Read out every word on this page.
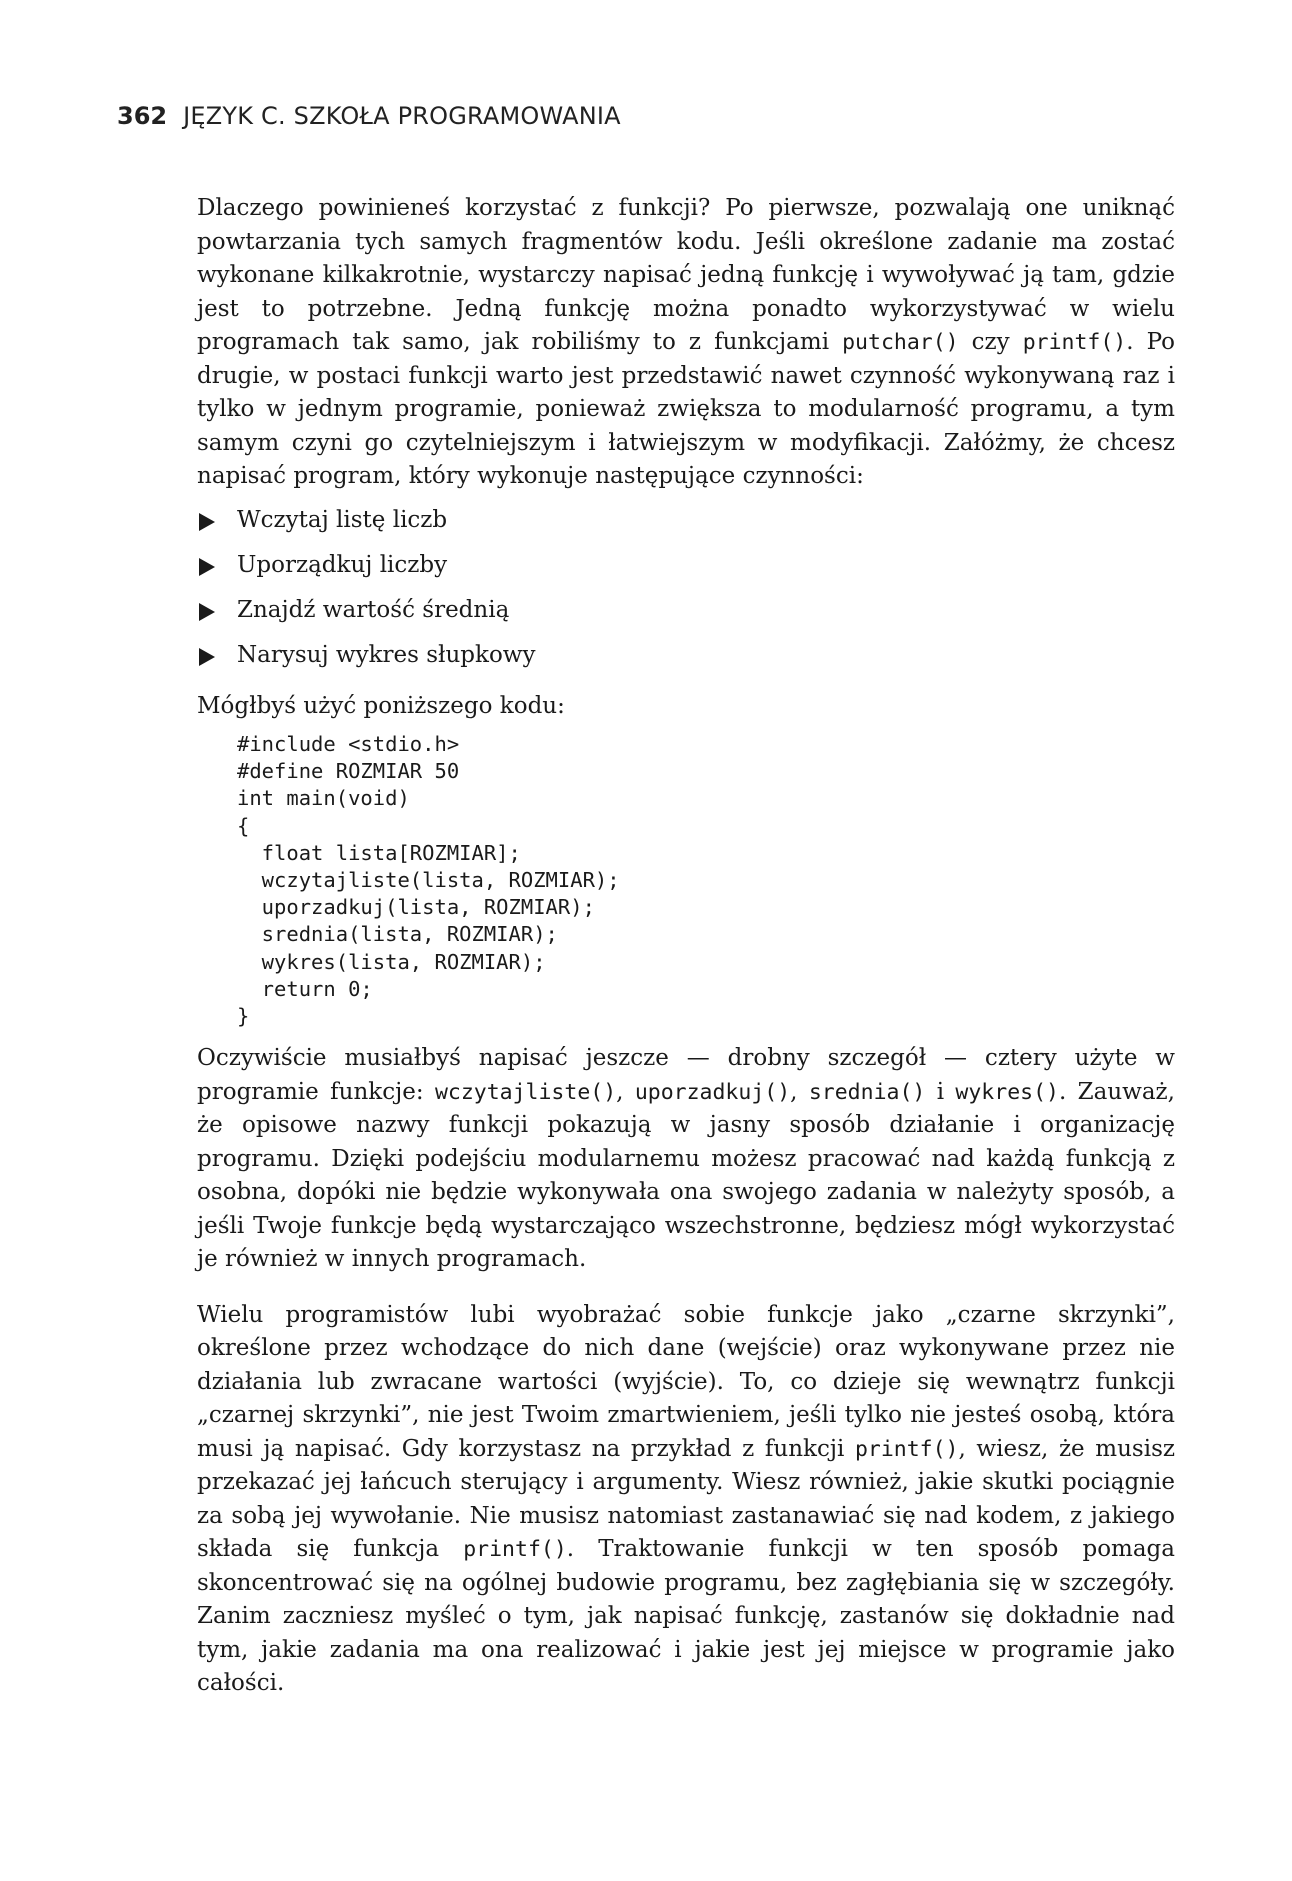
362 JĘZYK C. SZKOŁA PROGRAMOWANIA

Dlaczego powinieneś korzystać z funkcji? Po pierwsze, pozwalają one uniknąć powtarzania tych samych fragmentów kodu. Jeśli określone zadanie ma zostać wykonane kilkakrotnie, wystarczy napisać jedną funkcję i wywoływać ją tam, gdzie jest to potrzebne. Jedną funkcję można ponadto wykorzystywać w wielu programach tak samo, jak robiliśmy to z funkcjami putchar() czy printf(). Po drugie, w postaci funkcji warto jest przedstawić nawet czynność wykonywaną raz i tylko w jednym programie, ponieważ zwiększa to modularność programu, a tym samym czyni go czytelniejszym i łatwiejszym w modyfikacji. Załóżmy, że chcesz napisać program, który wykonuje następujące czynności:

Wczytaj listę liczb
Uporządkuj liczby
Znajdź wartość średnią
Narysuj wykres słupkowy

Mógłbyś użyć poniższego kodu:

#include <stdio.h>
#define ROZMIAR 50
int main(void)
{
float lista[ROZMIAR];
wczytajliste(lista, ROZMIAR);
uporzadkuj(lista, ROZMIAR);
srednia(lista, ROZMIAR);
wykres(lista, ROZMIAR);
return 0;
}

Oczywiście musiałbyś napisać jeszcze — drobny szczegół — cztery użyte w programie funkcje: wczytajliste(), uporzadkuj(), srednia() i wykres(). Zauważ, że opisowe nazwy funkcji pokazują w jasny sposób działanie i organizację programu. Dzięki podejściu modularnemu możesz pracować nad każdą funkcją z osobna, dopóki nie będzie wykonywała ona swojego zadania w należyty sposób, a jeśli Twoje funkcje będą wystarczająco wszechstronne, będziesz mógł wykorzystać je również w innych programach.

Wielu programistów lubi wyobrażać sobie funkcje jako „czarne skrzynki”, określone przez wchodzące do nich dane (wejście) oraz wykonywane przez nie działania lub zwracane wartości (wyjście). To, co dzieje się wewnątrz funkcji „czarnej skrzynki”, nie jest Twoim zmartwieniem, jeśli tylko nie jesteś osobą, która musi ją napisać. Gdy korzystasz na przykład z funkcji printf(), wiesz, że musisz przekazać jej łańcuch sterujący i argumenty. Wiesz również, jakie skutki pociągnie za sobą jej wywołanie. Nie musisz natomiast zastanawiać się nad kodem, z jakiego składa się funkcja printf(). Traktowanie funkcji w ten sposób pomaga skoncentrować się na ogólnej budowie programu, bez zagłębiania się w szczegóły. Zanim zaczniesz myśleć o tym, jak napisać funkcję, zastanów się dokładnie nad tym, jakie zadania ma ona realizować i jakie jest jej miejsce w programie jako całości.
